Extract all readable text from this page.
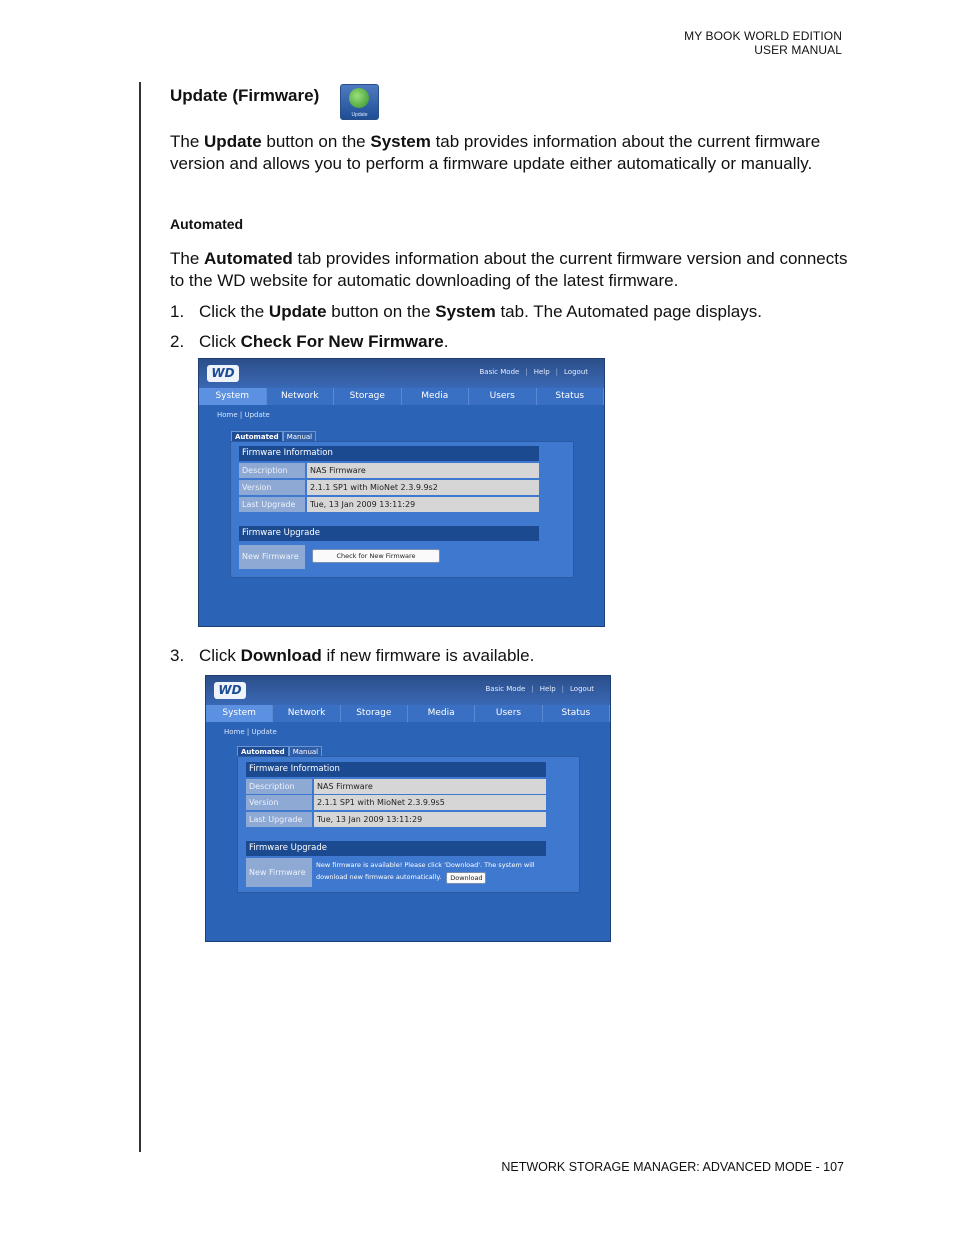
MY BOOK WORLD EDITION
USER MANUAL
Update (Firmware)
Update
The Update button on the System tab provides information about the current firmware version and allows you to perform a firmware update either automatically or manually.
Automated
The Automated tab provides information about the current firmware version and connects to the WD website for automatic downloading of the latest firmware.
1. Click the Update button on the System tab. The Automated page displays.
2. Click Check For New Firmware.
WD	Basic Mode | Help | Logout
System	Network	Storage	Media	Users	Status
Home | Update
Automated	Manual
Firmware Information
Description	NAS Firmware
Version	2.1.1 SP1 with MioNet 2.3.9.9s2
Last Upgrade	Tue, 13 Jan 2009 13:11:29
Firmware Upgrade
New Firmware	Check for New Firmware
3. Click Download if new firmware is available.
WD	Basic Mode | Help | Logout
System	Network	Storage	Media	Users	Status
Home | Update
Automated	Manual
Firmware Information
Description	NAS Firmware
Version	2.1.1 SP1 with MioNet 2.3.9.9s5
Last Upgrade	Tue, 13 Jan 2009 13:11:29
Firmware Upgrade
New Firmware
New firmware is available! Please click 'Download'. The system will
download new firmware automatically. Download
NETWORK STORAGE MANAGER: ADVANCED MODE - 107
